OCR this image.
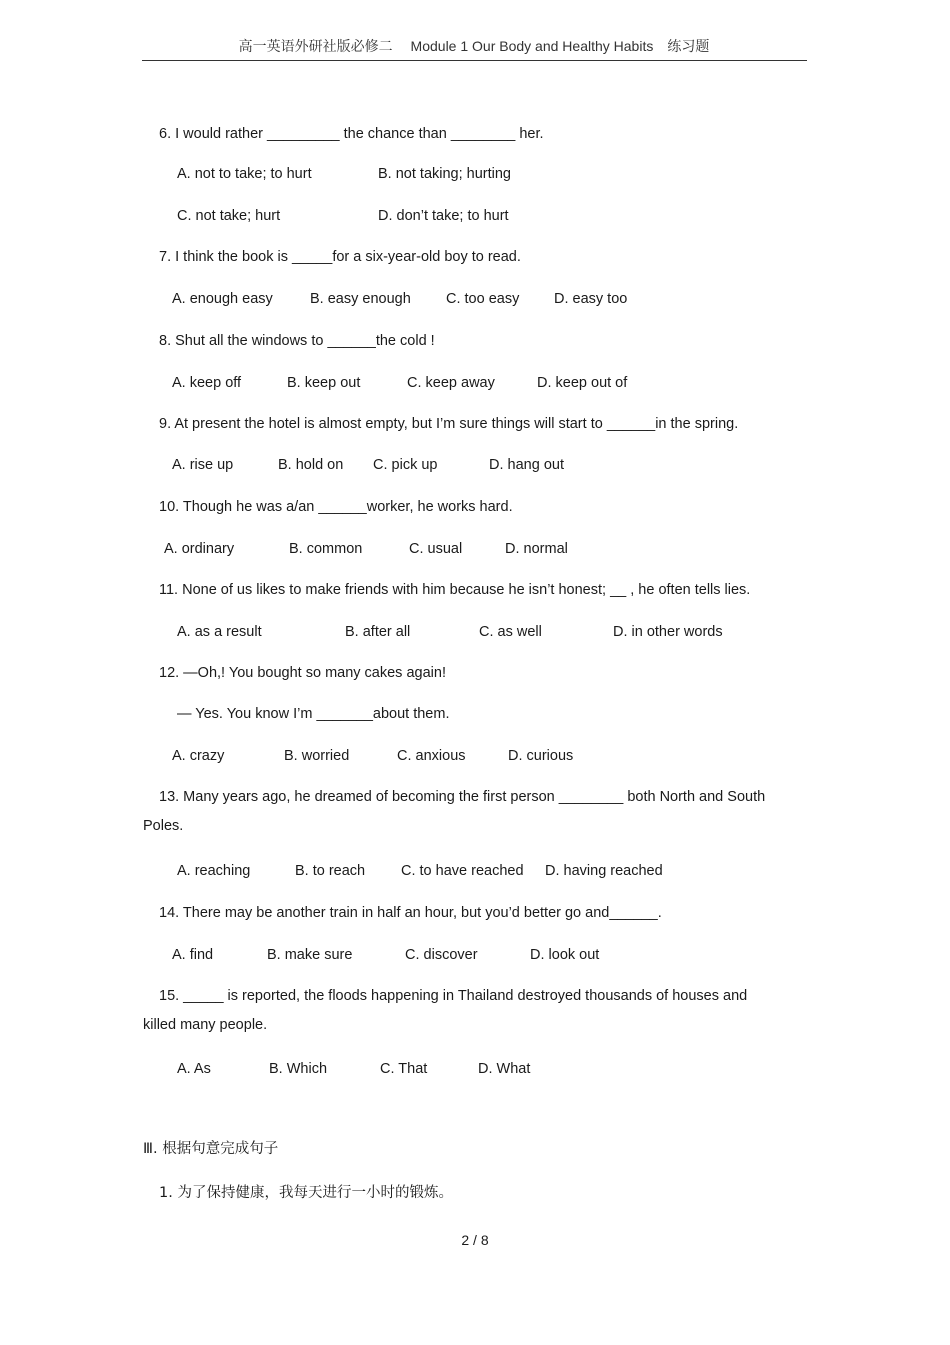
高一英语外研社版必修二　 Module 1 Our Body and Healthy Habits　练习题
6. I would rather _________ the chance than ________ her.
A. not to take; to hurt	B. not taking; hurting
C. not take; hurt	D. don’t take; to hurt
7. I think the book is _____for a six-year-old boy to read.
A. enough easy	B. easy enough C. too easy D. easy too
8. Shut all the windows to ______the cold !
A. keep off	B. keep out	C. keep away	D. keep out of
9. At present the hotel is almost empty, but I’m sure things will start to ______in the spring.
A. rise up	B. hold on C. pick up	D. hang out
10. Though he was a/an ______worker, he works hard.
A. ordinary	B. common	C. usual	D. normal
11. None of us likes to make friends with him because he isn’t honest; __ , he often tells lies.
A. as a result	B. after all	C. as well	D. in other words
12. —Oh,! You bought so many cakes again!
— Yes. You know I’m _______about them.
A. crazy	B. worried	C. anxious	D. curious
13. Many years ago, he dreamed of becoming the first person ________ both North and South
Poles.
A. reaching	B. to reach C. to have reached D. having reached
14. There may be another train in half an hour, but you’d better go and______.
A. find	B. make sure	C. discover	D. look out
15. _____ is reported, the floods happening in Thailand destroyed thousands of houses and
killed many people.
A. As	B. Which	C. That	D. What
Ⅲ. 根据句意完成句子
1. 为了保持健康，我每天进行一小时的锻炼。
2 / 8
